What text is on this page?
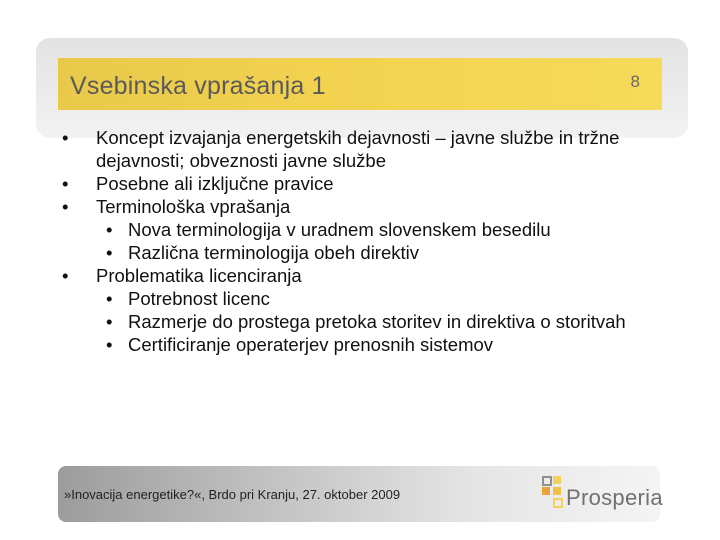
Vsebinska vprašanja 1	8
• Koncept izvajanja energetskih dejavnosti – javne službe in tržne dejavnosti; obveznosti javne službe
• Posebne ali izključne pravice
• Terminološka vprašanja
• Nova terminologija v uradnem slovenskem besedilu
• Različna terminologija obeh direktiv
• Problematika licenciranja
• Potrebnost licenc
• Razmerje do prostega pretoka storitev in direktiva o storitvah
• Certificiranje operaterjev prenosnih sistemov
»Inovacija energetike?«, Brdo pri Kranju, 27. oktober 2009	Prosperia
